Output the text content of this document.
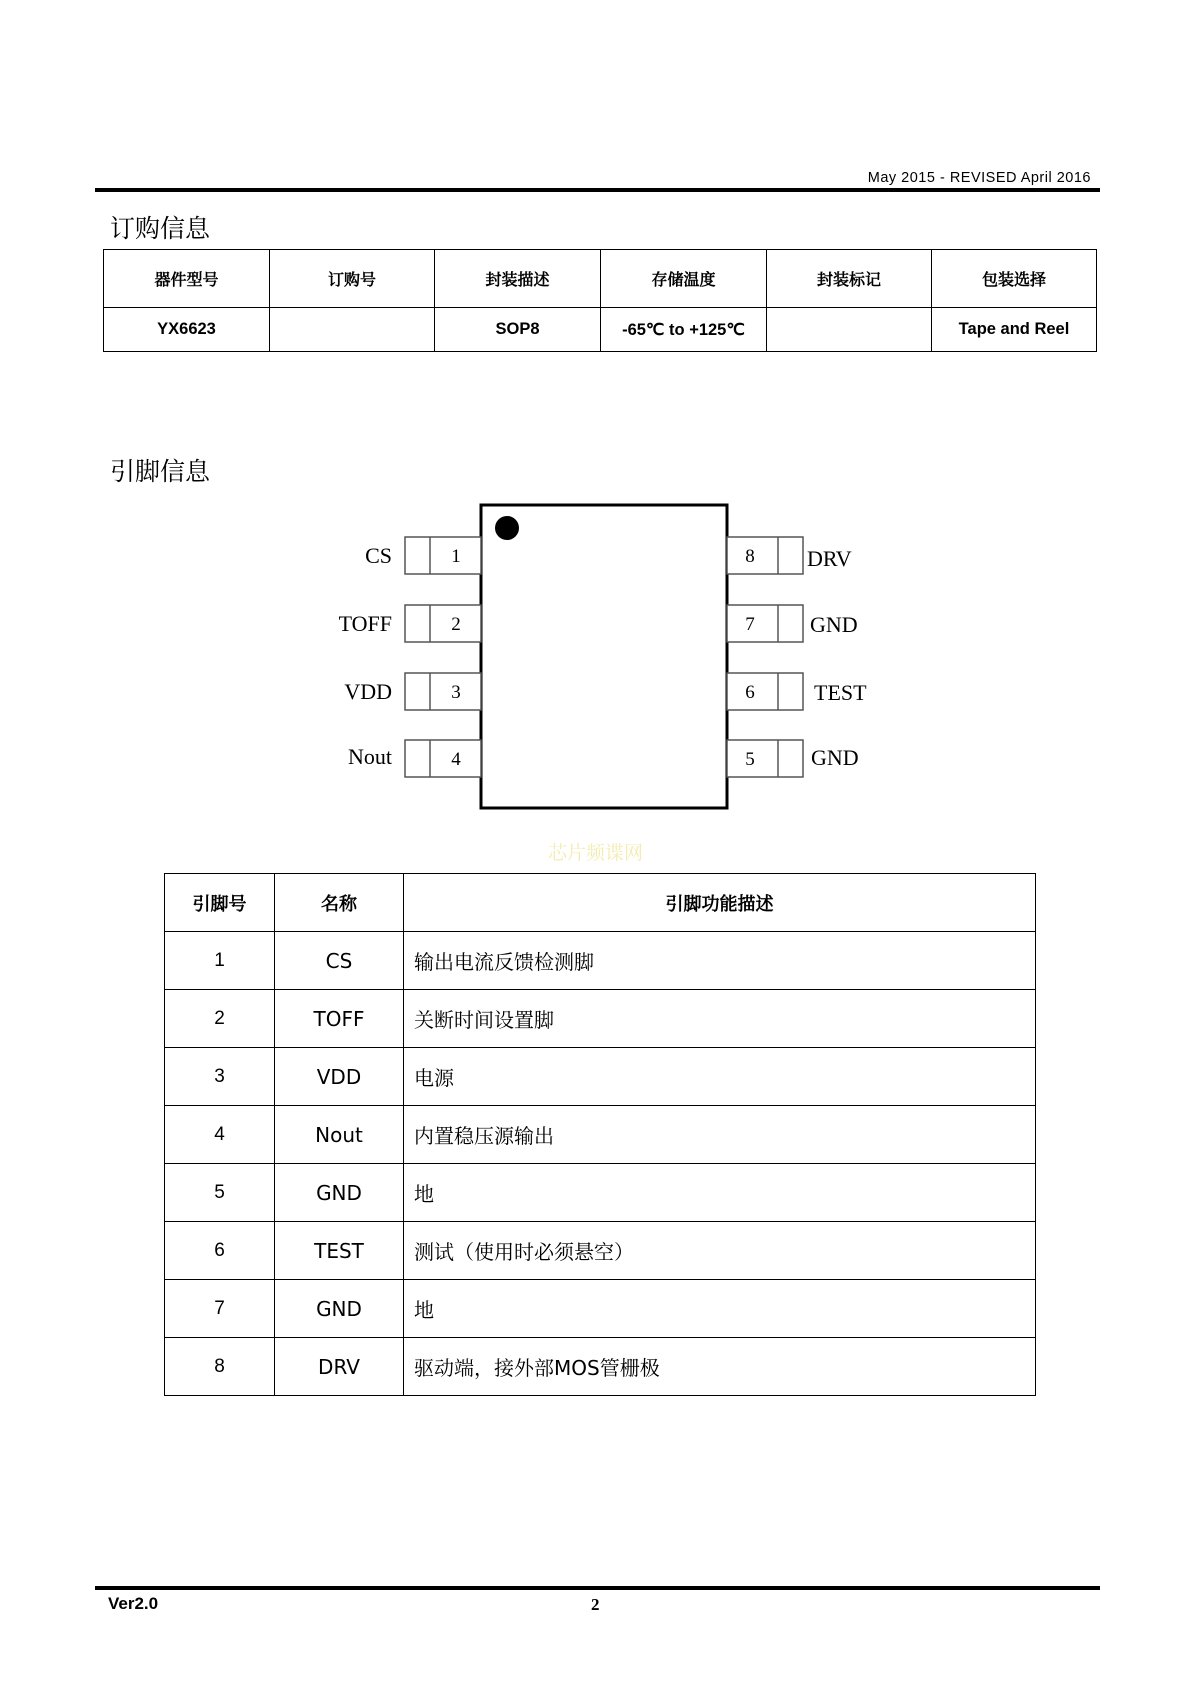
May 2015 - REVISED April 2016
订购信息
器件型号	订购号	封装描述	存储温度	封装标记	包装选择
YX6623		SOP8	-65℃ to +125℃		Tape and Reel
引脚信息
1
CS
2
TOFF
3
VDD
4
Nout
8 DRV
7	GND
6	TEST
5	GND
芯片频谍网
引脚号	名称	引脚功能描述
1	CS	输出电流反馈检测脚
2	TOFF	关断时间设置脚
3	VDD	电源
4	Nout	内置稳压源输出
5	GND	地
6	TEST	测试（使用时必须悬空）
7	GND	地
8	DRV	驱动端，接外部MOS管栅极
Ver2.0	2
